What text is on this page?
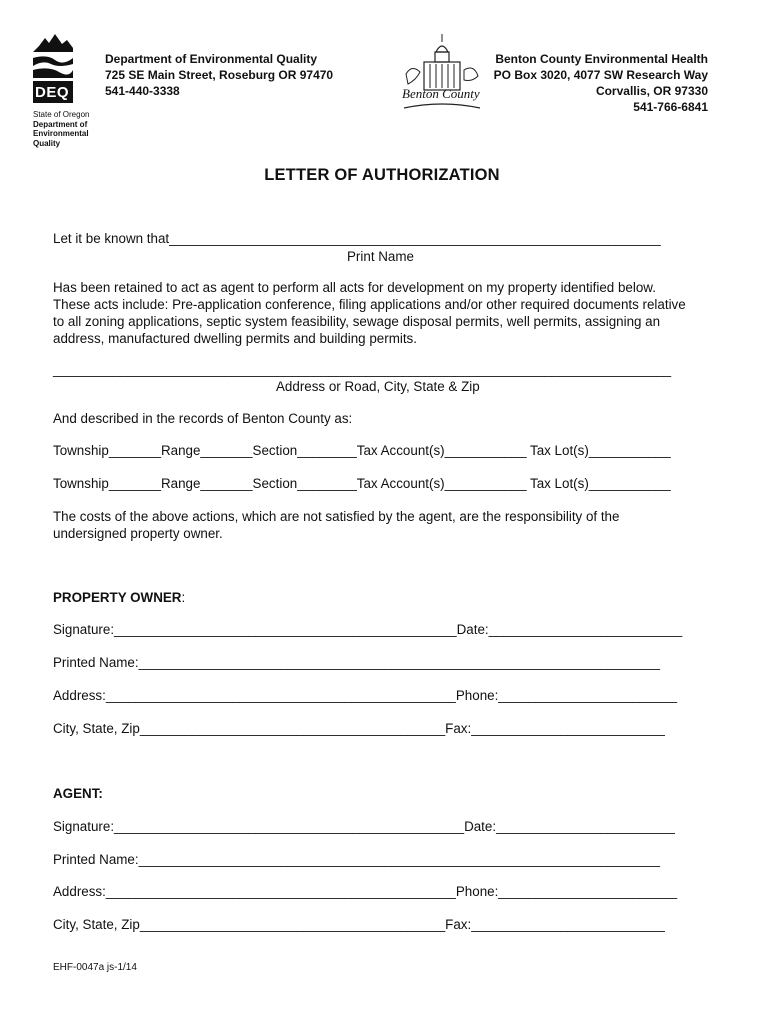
DEQ
State of Oregon
Department of
Environmental
Quality
Department of Environmental Quality
725 SE Main Street, Roseburg OR 97470
541-440-3338	Benton County
Benton County Environmental Health
PO Box 3020, 4077 SW Research Way
Corvallis, OR 97330
541-766-6841
LETTER OF AUTHORIZATION
Let it be known that__________________________________________________________________
Print Name
Has been retained to act as agent to perform all acts for development on my property identified below.
These acts include: Pre-application conference, filing applications and/or other required documents relative
to all zoning applications, septic system feasibility, sewage disposal permits, well permits, assigning an
address, manufactured dwelling permits and building permits.
___________________________________________________________________________________
Address or Road, City, State & Zip
And described in the records of Benton County as:
Township_______Range_______Section________Tax Account(s)___________ Tax Lot(s)___________
Township_______Range_______Section________Tax Account(s)___________ Tax Lot(s)___________
The costs of the above actions, which are not satisfied by the agent, are the responsibility of the
undersigned property owner.
PROPERTY OWNER:
Signature:______________________________________________Date:__________________________
Printed Name:______________________________________________________________________
Address:_______________________________________________Phone:________________________
City, State, Zip_________________________________________Fax:__________________________
AGENT:
Signature:_______________________________________________Date:________________________
Printed Name:______________________________________________________________________
Address:_______________________________________________Phone:________________________
City, State, Zip_________________________________________Fax:__________________________
EHF-0047a js-1/14
